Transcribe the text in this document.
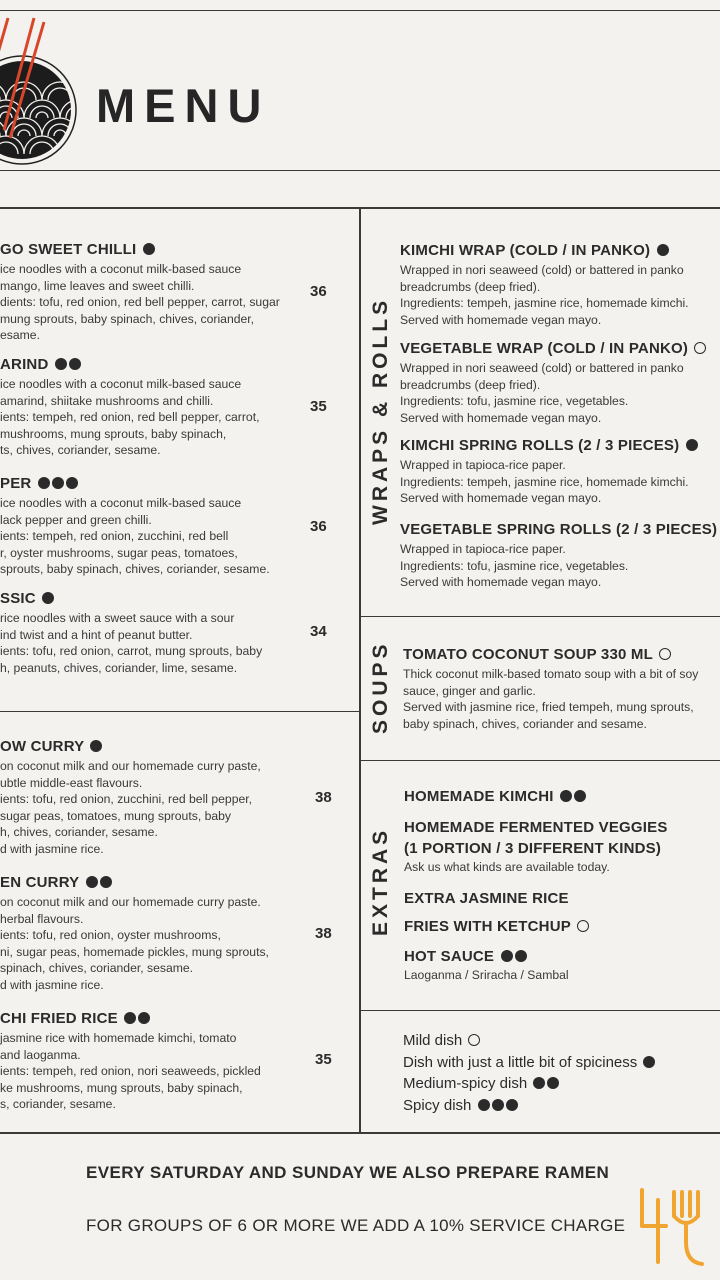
MENU
WRAPS & ROLLS
SOUPS
EXTRAS
GO SWEET CHILLI
ice noodles with a coconut milk-based sauce
mango, lime leaves and sweet chilli.
dients: tofu, red onion, red bell pepper, carrot, sugar
mung sprouts, baby spinach, chives, coriander,
esame.
36
ARIND
ice noodles with a coconut milk-based sauce
amarind, shiitake mushrooms and chilli.
ients: tempeh, red onion, red bell pepper, carrot,
mushrooms, mung sprouts, baby spinach,
ts, chives, coriander, sesame.
35
PER
ice noodles with a coconut milk-based sauce
lack pepper and green chilli.
ients: tempeh, red onion, zucchini, red bell
r, oyster mushrooms, sugar peas, tomatoes,
sprouts, baby spinach, chives, coriander, sesame.
36
SSIC
rice noodles with a sweet sauce with a sour
ind twist and a hint of peanut butter.
ients: tofu, red onion, carrot, mung sprouts, baby
h, peanuts, chives, coriander, lime, sesame.
34
OW CURRY
on coconut milk and our homemade curry paste,
ubtle middle-east flavours.
ients: tofu, red onion, zucchini, red bell pepper,
sugar peas, tomatoes, mung sprouts, baby
h, chives, coriander, sesame.
d with jasmine rice.
38
EN CURRY
on coconut milk and our homemade curry paste.
herbal flavours.
ients: tofu, red onion, oyster mushrooms,
ni, sugar peas, homemade pickles, mung sprouts,
spinach, chives, coriander, sesame.
d with jasmine rice.
38
CHI FRIED RICE
jasmine rice with homemade kimchi, tomato
and laoganma.
ients: tempeh, red onion, nori seaweeds, pickled
ke mushrooms, mung sprouts, baby spinach,
s, coriander, sesame.
35
KIMCHI WRAP (COLD / IN PANKO)
Wrapped in nori seaweed (cold) or battered in panko
breadcrumbs (deep fried).
Ingredients: tempeh, jasmine rice, homemade kimchi.
Served with homemade vegan mayo.
VEGETABLE WRAP (COLD / IN PANKO)
Wrapped in nori seaweed (cold) or battered in panko
breadcrumbs (deep fried).
Ingredients: tofu, jasmine rice, vegetables.
Served with homemade vegan mayo.
KIMCHI SPRING ROLLS (2 / 3 PIECES)
Wrapped in tapioca-rice paper.
Ingredients: tempeh, jasmine rice, homemade kimchi.
Served with homemade vegan mayo.
VEGETABLE SPRING ROLLS (2 / 3 PIECES)
Wrapped in tapioca-rice paper.
Ingredients: tofu, jasmine rice, vegetables.
Served with homemade vegan mayo.
TOMATO COCONUT SOUP 330 ML
Thick coconut milk-based tomato soup with a bit of soy
sauce, ginger and garlic.
Served with jasmine rice, fried tempeh, mung sprouts,
baby spinach, chives, coriander and sesame.
HOMEMADE KIMCHI
HOMEMADE FERMENTED VEGGIES
(1 PORTION / 3 DIFFERENT KINDS)
Ask us what kinds are available today.
EXTRA JASMINE RICE
FRIES WITH KETCHUP
HOT SAUCE
Laoganma / Sriracha / Sambal
Mild dish
Dish with just a little bit of spiciness
Medium-spicy dish
Spicy dish
EVERY SATURDAY AND SUNDAY WE ALSO PREPARE RAMEN
FOR GROUPS OF 6 OR MORE WE ADD A 10% SERVICE CHARGE
